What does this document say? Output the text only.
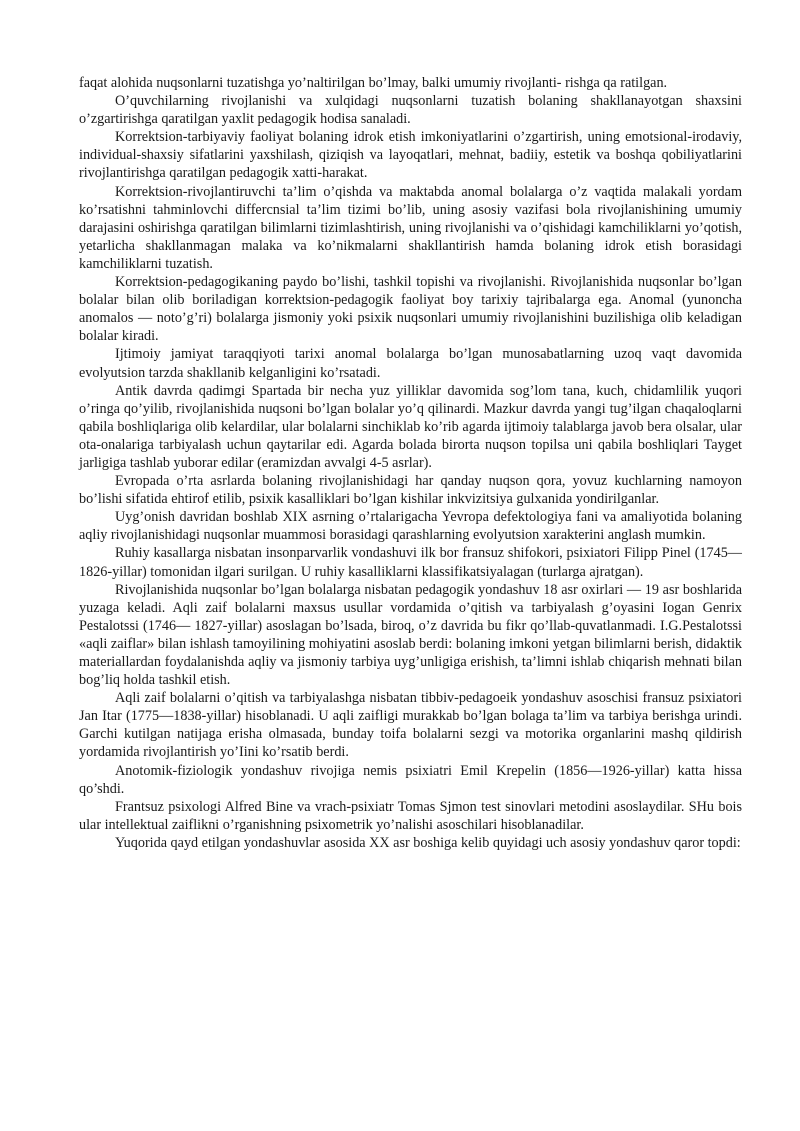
faqat alohida nuqsonlarni tuzatishga yo’naltirilgan bo’lmay, balki umumiy rivojlanti- rishga qa ratilgan.

O’quvchilarning rivojlanishi va xulqidagi nuqsonlarni tuzatish bolaning shakllanayotgan shaxsini o’zgartirishga qaratilgan yaxlit pedagogik hodisa sanaladi.

Korrektsion-tarbiyaviy faoliyat bolaning idrok etish imkoniyatlarini o’zgartirish, uning emotsional-irodaviy, individual-shaxsiy sifatlarini yaxshilash, qiziqish va layoqatlari, mehnat, badiiy, estetik va boshqa qobiliyatlarini rivojlantirishga qaratilgan pedagogik xatti-harakat.

Korrektsion-rivojlantiruvchi ta’lim o’qishda va maktabda anomal bolalarga o’z vaqtida malakali yordam ko’rsatishni tahminlovchi differcnsial ta’lim tizimi bo’lib, uning asosiy vazifasi bola rivojlanishining umumiy darajasini oshirishga qaratilgan bilimlarni tizimlashtirish, uning rivojlanishi va o’qishidagi kamchiliklarni yo’qotish, yetarlicha shakllanmagan malaka va ko’nikmalarni shakllantirish hamda bolaning idrok etish borasidagi kamchiliklarni tuzatish.

Korrektsion-pedagogikaning paydo bo’lishi, tashkil topishi va rivojlanishi. Rivojlanishida nuqsonlar bo’lgan bolalar bilan olib boriladigan korrektsion-pedagogik faoliyat boy tarixiy tajribalarga ega. Anomal (yunoncha anomalos — noto’g’ri) bolalarga jismoniy yoki psixik nuqsonlari umumiy rivojlanishini buzilishiga olib keladigan bolalar kiradi.

Ijtimoiy jamiyat taraqqiyoti tarixi anomal bolalarga bo’lgan munosabatlarning uzoq vaqt davomida evolyutsion tarzda shakllanib kelganligini ko’rsatadi.

Antik davrda qadimgi Spartada bir necha yuz yilliklar davomida sog’lom tana, kuch, chidamlilik yuqori o’ringa qo’yilib, rivojlanishida nuqsoni bo’lgan bolalar yo’q qilinardi. Mazkur davrda yangi tug’ilgan chaqaloqlarni qabila boshliqlariga olib kelardilar, ular bolalarni sinchiklab ko’rib agarda ijtimoiy talablarga javob bera olsalar, ular ota-onalariga tarbiyalash uchun qaytarilar edi. Agarda bolada birorta nuqson topilsa uni qabila boshliqlari Tayget jarligiga tashlab yuborar edilar (eramizdan avvalgi 4-5 asrlar).

Evropada o’rta asrlarda bolaning rivojlanishidagi har qanday nuqson qora, yovuz kuchlarning namoyon bo’lishi sifatida ehtirof etilib, psixik kasalliklari bo’lgan kishilar inkvizitsiya gulxanida yondirilganlar.

Uyg’onish davridan boshlab XIX asrning o’rtalarigacha Yevropa defektologiya fani va amaliyotida bolaning aqliy rivojlanishidagi nuqsonlar muammosi borasidagi qarashlarning evolyutsion xarakterini anglash mumkin.

Ruhiy kasallarga nisbatan insonparvarlik vondashuvi ilk bor fransuz shifokori, psixiatori Filipp Pinel (1745— 1826-yillar) tomonidan ilgari surilgan. U ruhiy kasalliklarni klassifikatsiyalagan (turlarga ajratgan).

Rivojlanishida nuqsonlar bo’lgan bolalarga nisbatan pedagogik yondashuv 18 asr oxirlari — 19 asr boshlarida yuzaga keladi. Aqli zaif bolalarni maxsus usullar vordamida o’qitish va tarbiyalash g’oyasini Iogan Genrix Pestalotssi (1746— 1827-yillar) asoslagan bo’lsada, biroq, o’z davrida bu fikr qo’llab-quvatlanmadi. I.G.Pestalotssi «aqli zaiflar» bilan ishlash tamoyilining mohiyatini asoslab berdi: bolaning imkoni yetgan bilimlarni berish, didaktik materiallardan foydalanishda aqliy va jismoniy tarbiya uyg’unligiga erishish, ta’limni ishlab chiqarish mehnati bilan bog’liq holda tashkil etish.

Aqli zaif bolalarni o’qitish va tarbiyalashga nisbatan tibbiv-pedagoeik yondashuv asoschisi fransuz psixiatori Jan Itar (1775—1838-yillar) hisoblanadi. U aqli zaifligi murakkab bo’lgan bolaga ta’lim va tarbiya berishga urindi. Garchi kutilgan natijaga erisha olmasada, bunday toifa bolalarni sezgi va motorika organlarini mashq qildirish yordamida rivojlantirish yo’Iini ko’rsatib berdi.

Anotomik-fiziologik yondashuv rivojiga nemis psixiatri Emil Krepelin (1856—1926-yillar) katta hissa qo’shdi.

Frantsuz psixologi Alfred Bine va vrach-psixiatr Tomas Sjmon test sinovlari metodini asoslaydilar. SHu bois ular intellektual zaiflikni o’rganishning psixometrik yo’nalishi asoschilari hisoblanadilar.

Yuqorida qayd etilgan yondashuvlar asosida XX asr boshiga kelib quyidagi uch asosiy yondashuv qaror topdi:
